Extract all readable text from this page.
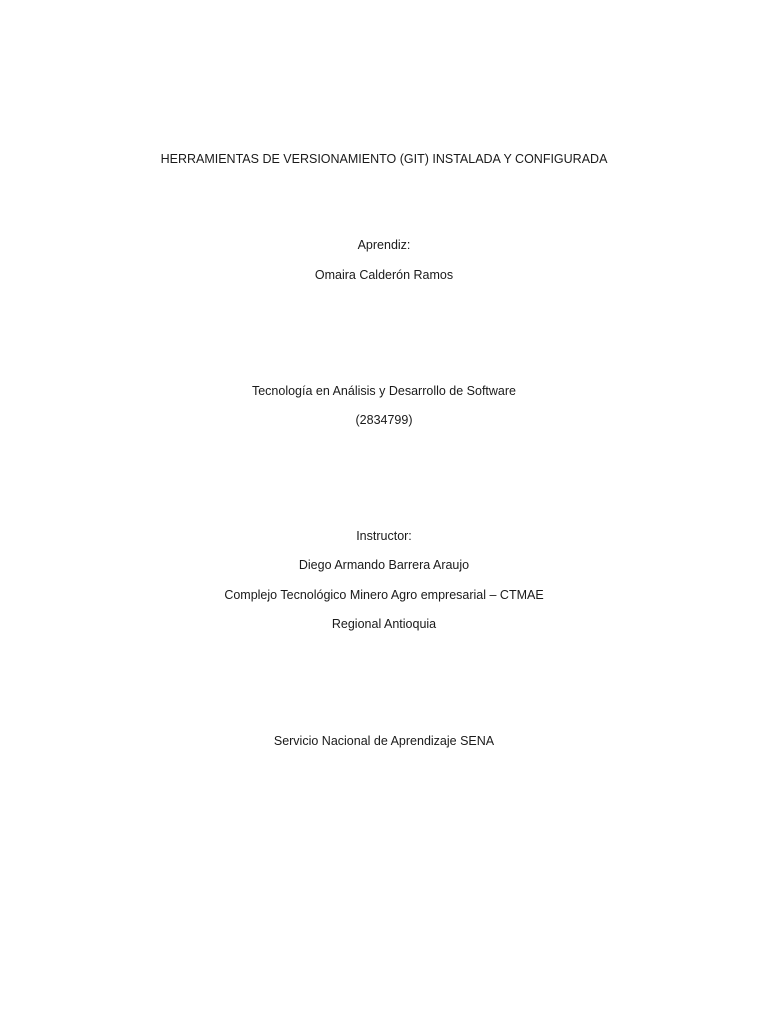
HERRAMIENTAS DE VERSIONAMIENTO (GIT) INSTALADA Y CONFIGURADA
Aprendiz:
Omaira Calderón Ramos
Tecnología en Análisis y Desarrollo de Software
(2834799)
Instructor:
Diego Armando Barrera Araujo
Complejo Tecnológico Minero Agro empresarial – CTMAE
Regional Antioquia
Servicio Nacional de Aprendizaje SENA
